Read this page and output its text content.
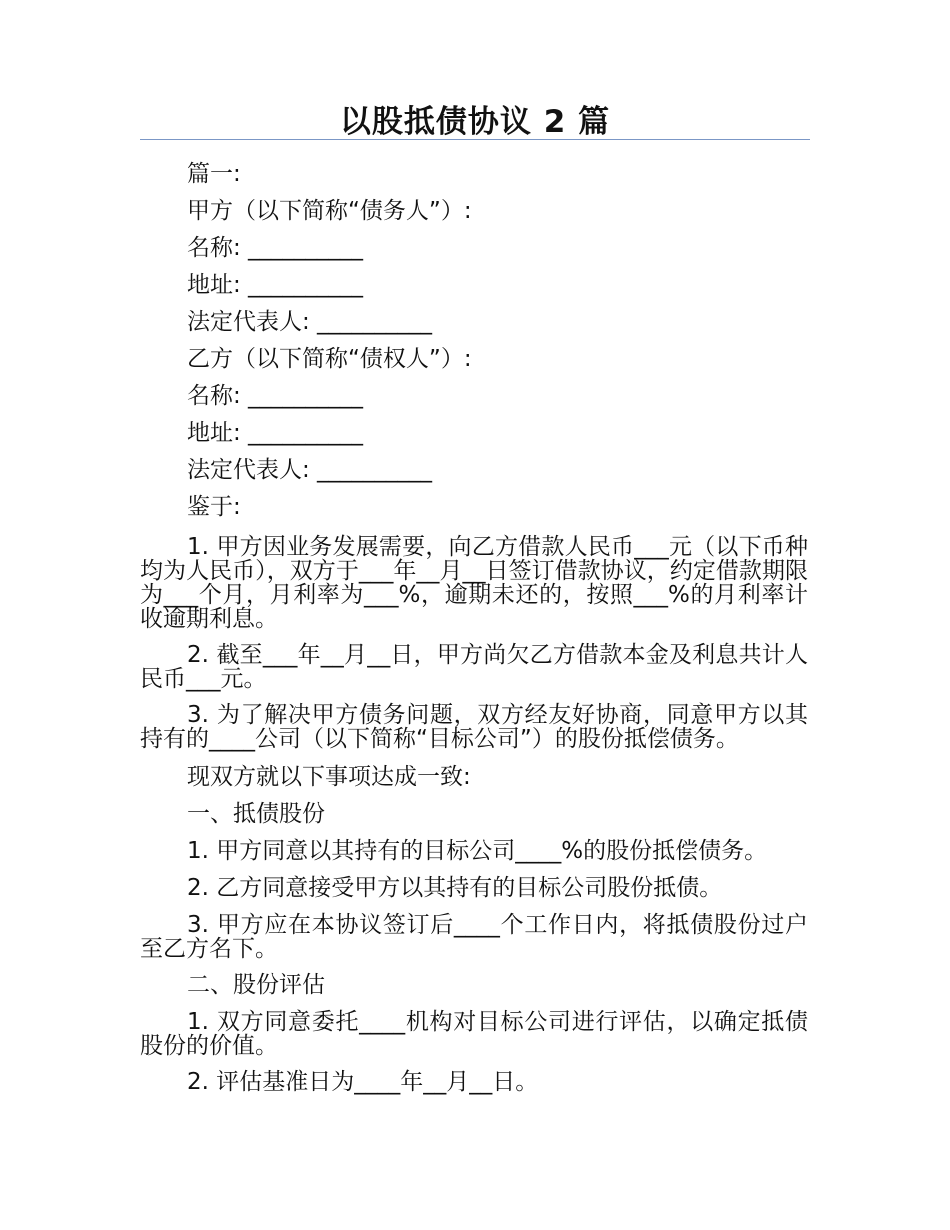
以股抵债协议 2 篇

篇一:

甲方（以下简称“债务人”）:

名称: __________

地址: __________

法定代表人: __________

乙方（以下简称“债权人”）:

名称: __________

地址: __________

法定代表人: __________

鉴于:

1. 甲方因业务发展需要，向乙方借款人民币___元（以下币种均为人民币），双方于___年__月__日签订借款协议，约定借款期限为___个月，月利率为___%，逾期未还的，按照___%的月利率计收逾期利息。

2. 截至___年__月__日，甲方尚欠乙方借款本金及利息共计人民币___元。

3. 为了解决甲方债务问题，双方经友好协商，同意甲方以其持有的____公司（以下简称“目标公司”）的股份抵偿债务。

现双方就以下事项达成一致:

一、抵债股份

1. 甲方同意以其持有的目标公司____%的股份抵偿债务。

2. 乙方同意接受甲方以其持有的目标公司股份抵债。

3. 甲方应在本协议签订后____个工作日内，将抵债股份过户至乙方名下。

二、股份评估

1. 双方同意委托____机构对目标公司进行评估，以确定抵债股份的价值。

2. 评估基准日为____年__月__日。
